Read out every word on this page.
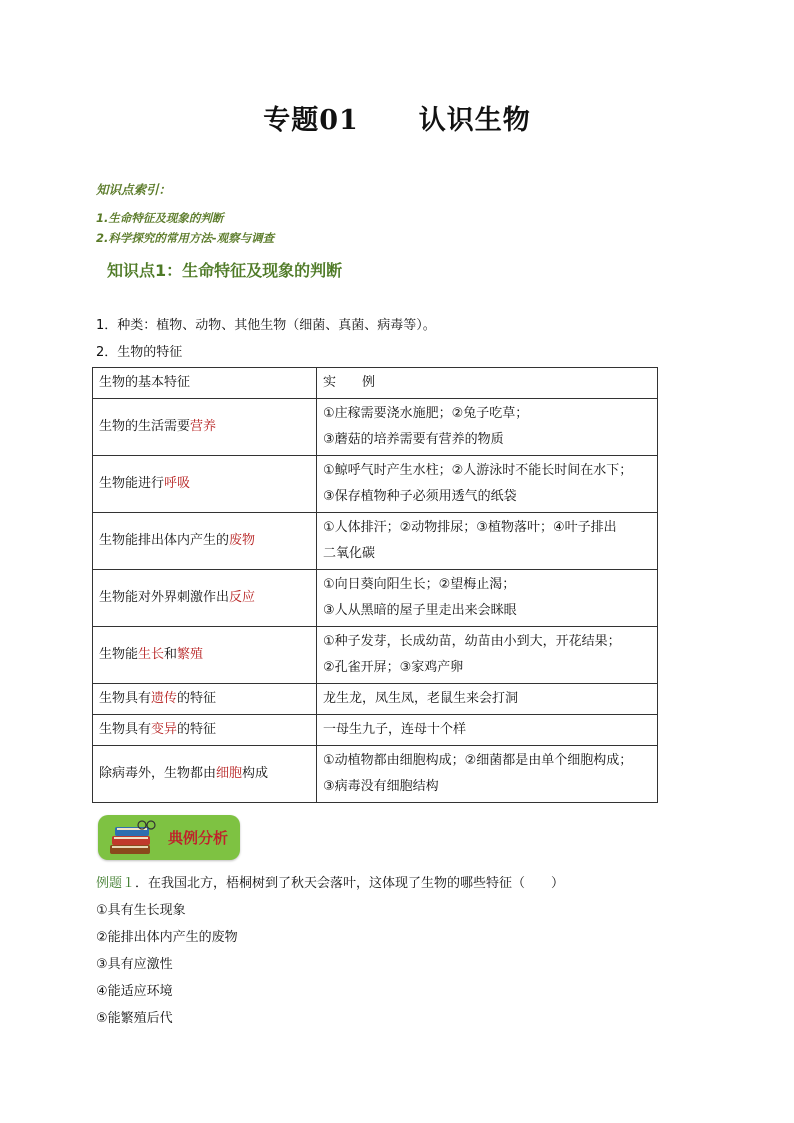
专题01 认识生物
知识点索引：
1.生命特征及现象的判断
2.科学探究的常用方法-观察与调查
知识点1：生命特征及现象的判断
1．种类：植物、动物、其他生物（细菌、真菌、病毒等）。
2．生物的特征
生物的基本特征	实　　例
生物的生活需要营养	①庄稼需要浇水施肥；②兔子吃草；
③蘑菇的培养需要有营养的物质

生物能进行呼吸	①鲸呼气时产生水柱；②人游泳时不能长时间在水下；
③保存植物种子必须用透气的纸袋

生物能排出体内产生的废物	①人体排汗；②动物排尿；③植物落叶；④叶子排出
二氧化碳

生物能对外界刺激作出反应	①向日葵向阳生长；②望梅止渴；
③人从黑暗的屋子里走出来会眯眼

生物能生长和繁殖	①种子发芽，长成幼苗，幼苗由小到大，开花结果；
②孔雀开屏；③家鸡产卵

生物具有遗传的特征	龙生龙，凤生凤，老鼠生来会打洞

生物具有变异的特征	一母生九子，连母十个样

除病毒外，生物都由细胞构成	①动植物都由细胞构成；②细菌都是由单个细胞构成；
③病毒没有细胞结构
典例分析
例题１．在我国北方，梧桐树到了秋天会落叶，这体现了生物的哪些特征（　　）
①具有生长现象
②能排出体内产生的废物
③具有应激性
④能适应环境
⑤能繁殖后代
